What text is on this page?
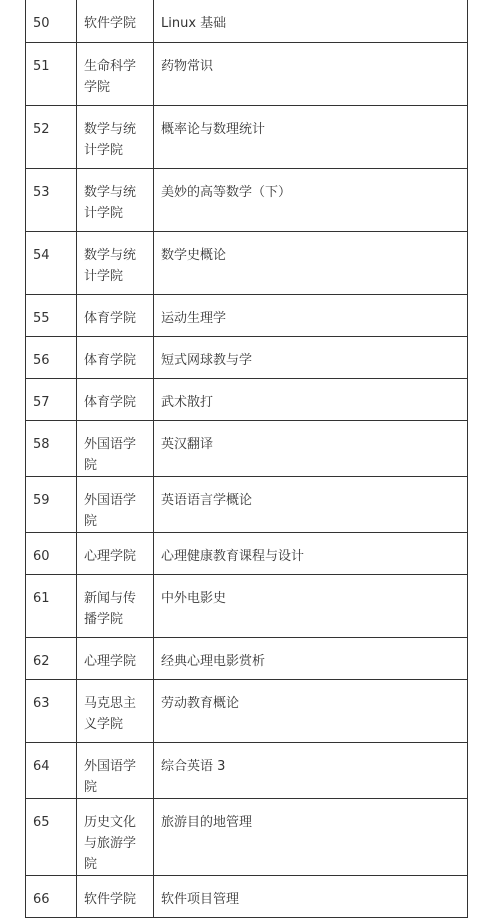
50	软件学院	Linux 基础
51	生命科学学院	药物常识
52	数学与统计学院	概率论与数理统计
53	数学与统计学院	美妙的高等数学（下）
54	数学与统计学院	数学史概论
55	体育学院	运动生理学
56	体育学院	短式网球教与学
57	体育学院	武术散打
58	外国语学院	英汉翻译
59	外国语学院	英语语言学概论
60	心理学院	心理健康教育课程与设计
61	新闻与传播学院	中外电影史
62	心理学院	经典心理电影赏析
63	马克思主义学院	劳动教育概论
64	外国语学院	综合英语 3
65	历史文化与旅游学院	旅游目的地管理
66	软件学院	软件项目管理
